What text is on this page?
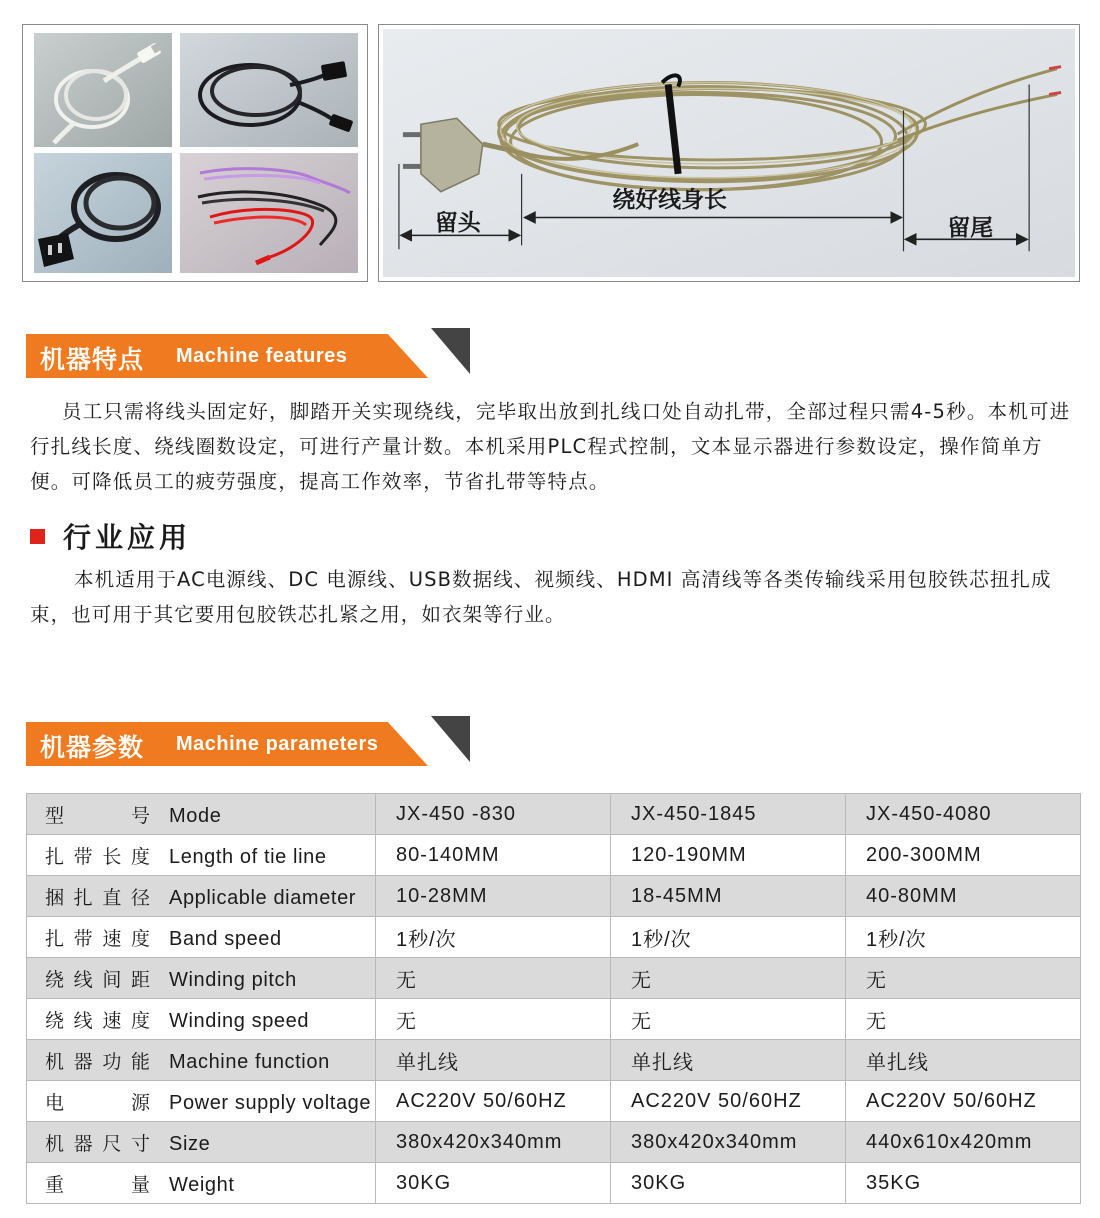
留头
绕好线身长
留尾
机器特点 Machine features

员工只需将线头固定好，脚踏开关实现绕线，完毕取出放到扎线口处自动扎带，全部过程只需4-5秒。本机可进行扎线长度、绕线圈数设定，可进行产量计数。本机采用PLC程式控制，文本显示器进行参数设定，操作简单方便。可降低员工的疲劳强度，提高工作效率，节省扎带等特点。

行业应用

本机适用于AC电源线、DC 电源线、USB数据线、视频线、HDMI 高清线等各类传输线采用包胶铁芯扭扎成束，也可用于其它要用包胶铁芯扎紧之用，如衣架等行业。

机器参数 Machine parameters
型号 Mode	JX-450 -830	JX-450-1845	JX-450-4080
扎带长度 Length of tie line	80-140MM	120-190MM	200-300MM
捆扎直径 Applicable diameter	10-28MM	18-45MM	40-80MM
扎带速度 Band speed	1秒/次	1秒/次	1秒/次
绕线间距 Winding pitch	无	无	无
绕线速度 Winding speed	无	无	无
机器功能 Machine function	单扎线	单扎线	单扎线
电源 Power supply voltage	AC220V 50/60HZ	AC220V 50/60HZ	AC220V 50/60HZ
机器尺寸 Size	380x420x340mm	380x420x340mm	440x610x420mm
重量 Weight	30KG	30KG	35KG
